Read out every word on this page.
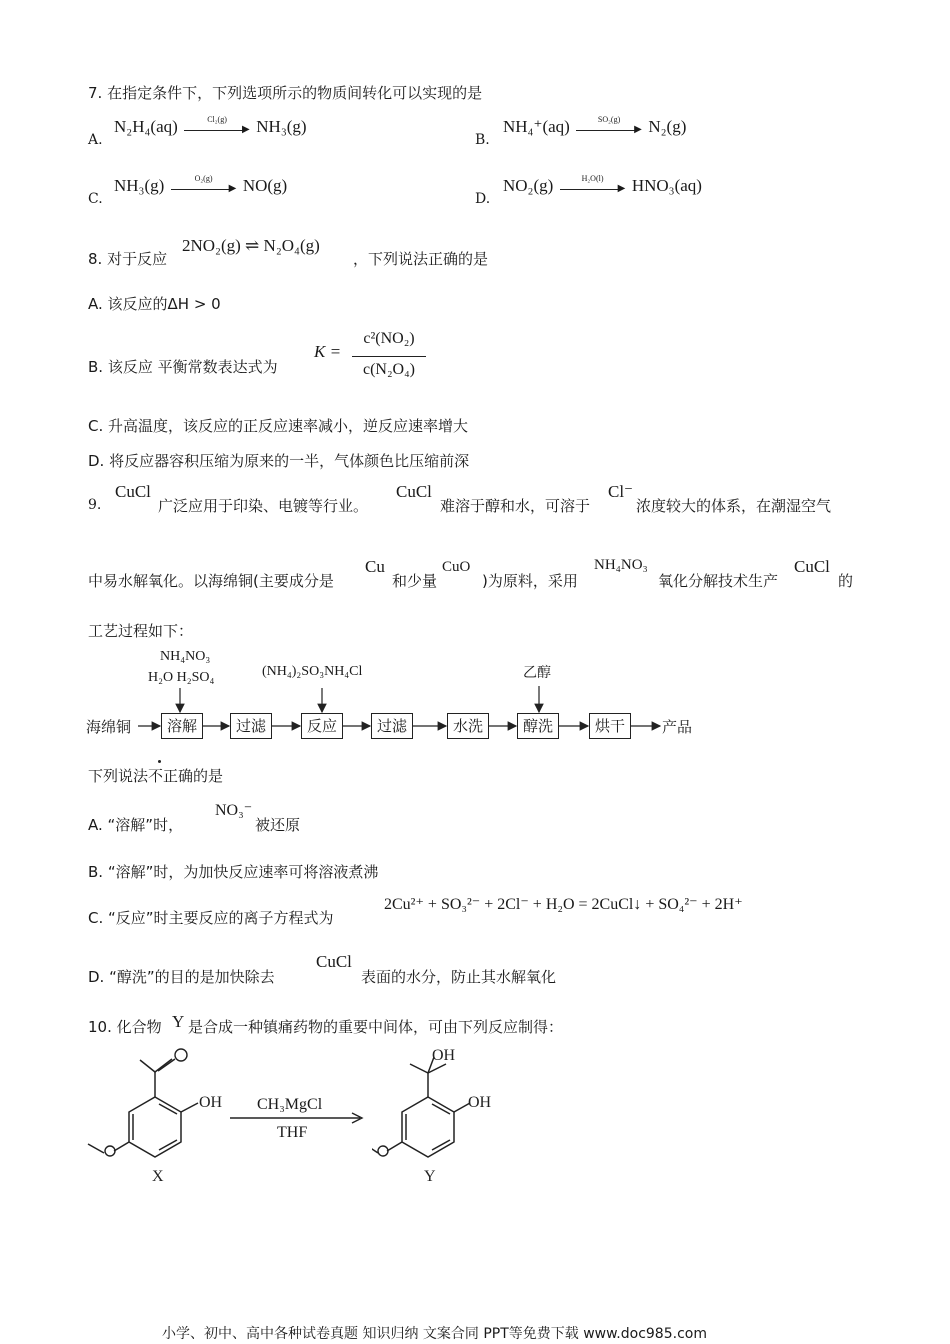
7. 在指定条件下，下列选项所示的物质间转化可以实现的是
A.
N₂H₄(aq)	Cl₂(g)
▶ NH₃(g)
B.
NH₄⁺(aq)	SO₂(g)
▶ N₂(g)
C.
NH₃(g)	O₂(g)
▶ NO(g)
D.
NO₂(g)	H₂O(l)
▶ HNO₃(aq)
8. 对于反应
2NO₂(g) ⇌ N₂O₄(g)
，下列说法正确的是
A. 该反应的ΔH > 0
B. 该反应 平衡常数表达式为
K =
c²(NO₂)
c(N₂O₄)
C. 升高温度，该反应的正反应速率减小，逆反应速率增大
D. 将反应器容积压缩为原来的一半，气体颜色比压缩前深
9.
CuCl
广泛应用于印染、电镀等行业。
CuCl
难溶于醇和水，可溶于
Cl⁻
浓度较大的体系，在潮湿空气
中易水解氧化。以海绵铜(主要成分是
Cu
和少量
CuO
)为原料，采用
NH₄NO₃
氧化分解技术生产
CuCl
的
工艺过程如下：
NH₄NO₃
H₂O H₂SO₄	(NH₄)₂SO₃NH₄Cl	乙醇
海绵铜	溶解	过滤	反应	过滤	水洗	醇洗	烘干	产品
下列说法不正确的是
A. “溶解”时，
NO₃⁻
被还原
B. “溶解”时，为加快反应速率可将溶液煮沸
C. “反应”时主要反应的离子方程式为
2Cu²⁺ + SO₃²⁻ + 2Cl⁻ + H₂O = 2CuCl↓ + SO₄²⁻ + 2H⁺
D. “醇洗”的目的是加快除去
CuCl
表面的水分，防止其水解氧化
10. 化合物 Y 是合成一种镇痛药物的重要中间体，可由下列反应制得：
OH
X
CH₃MgCl
THF
OH
OH
Y
小学、初中、高中各种试卷真题 知识归纳 文案合同 PPT等免费下载 www.doc985.com
